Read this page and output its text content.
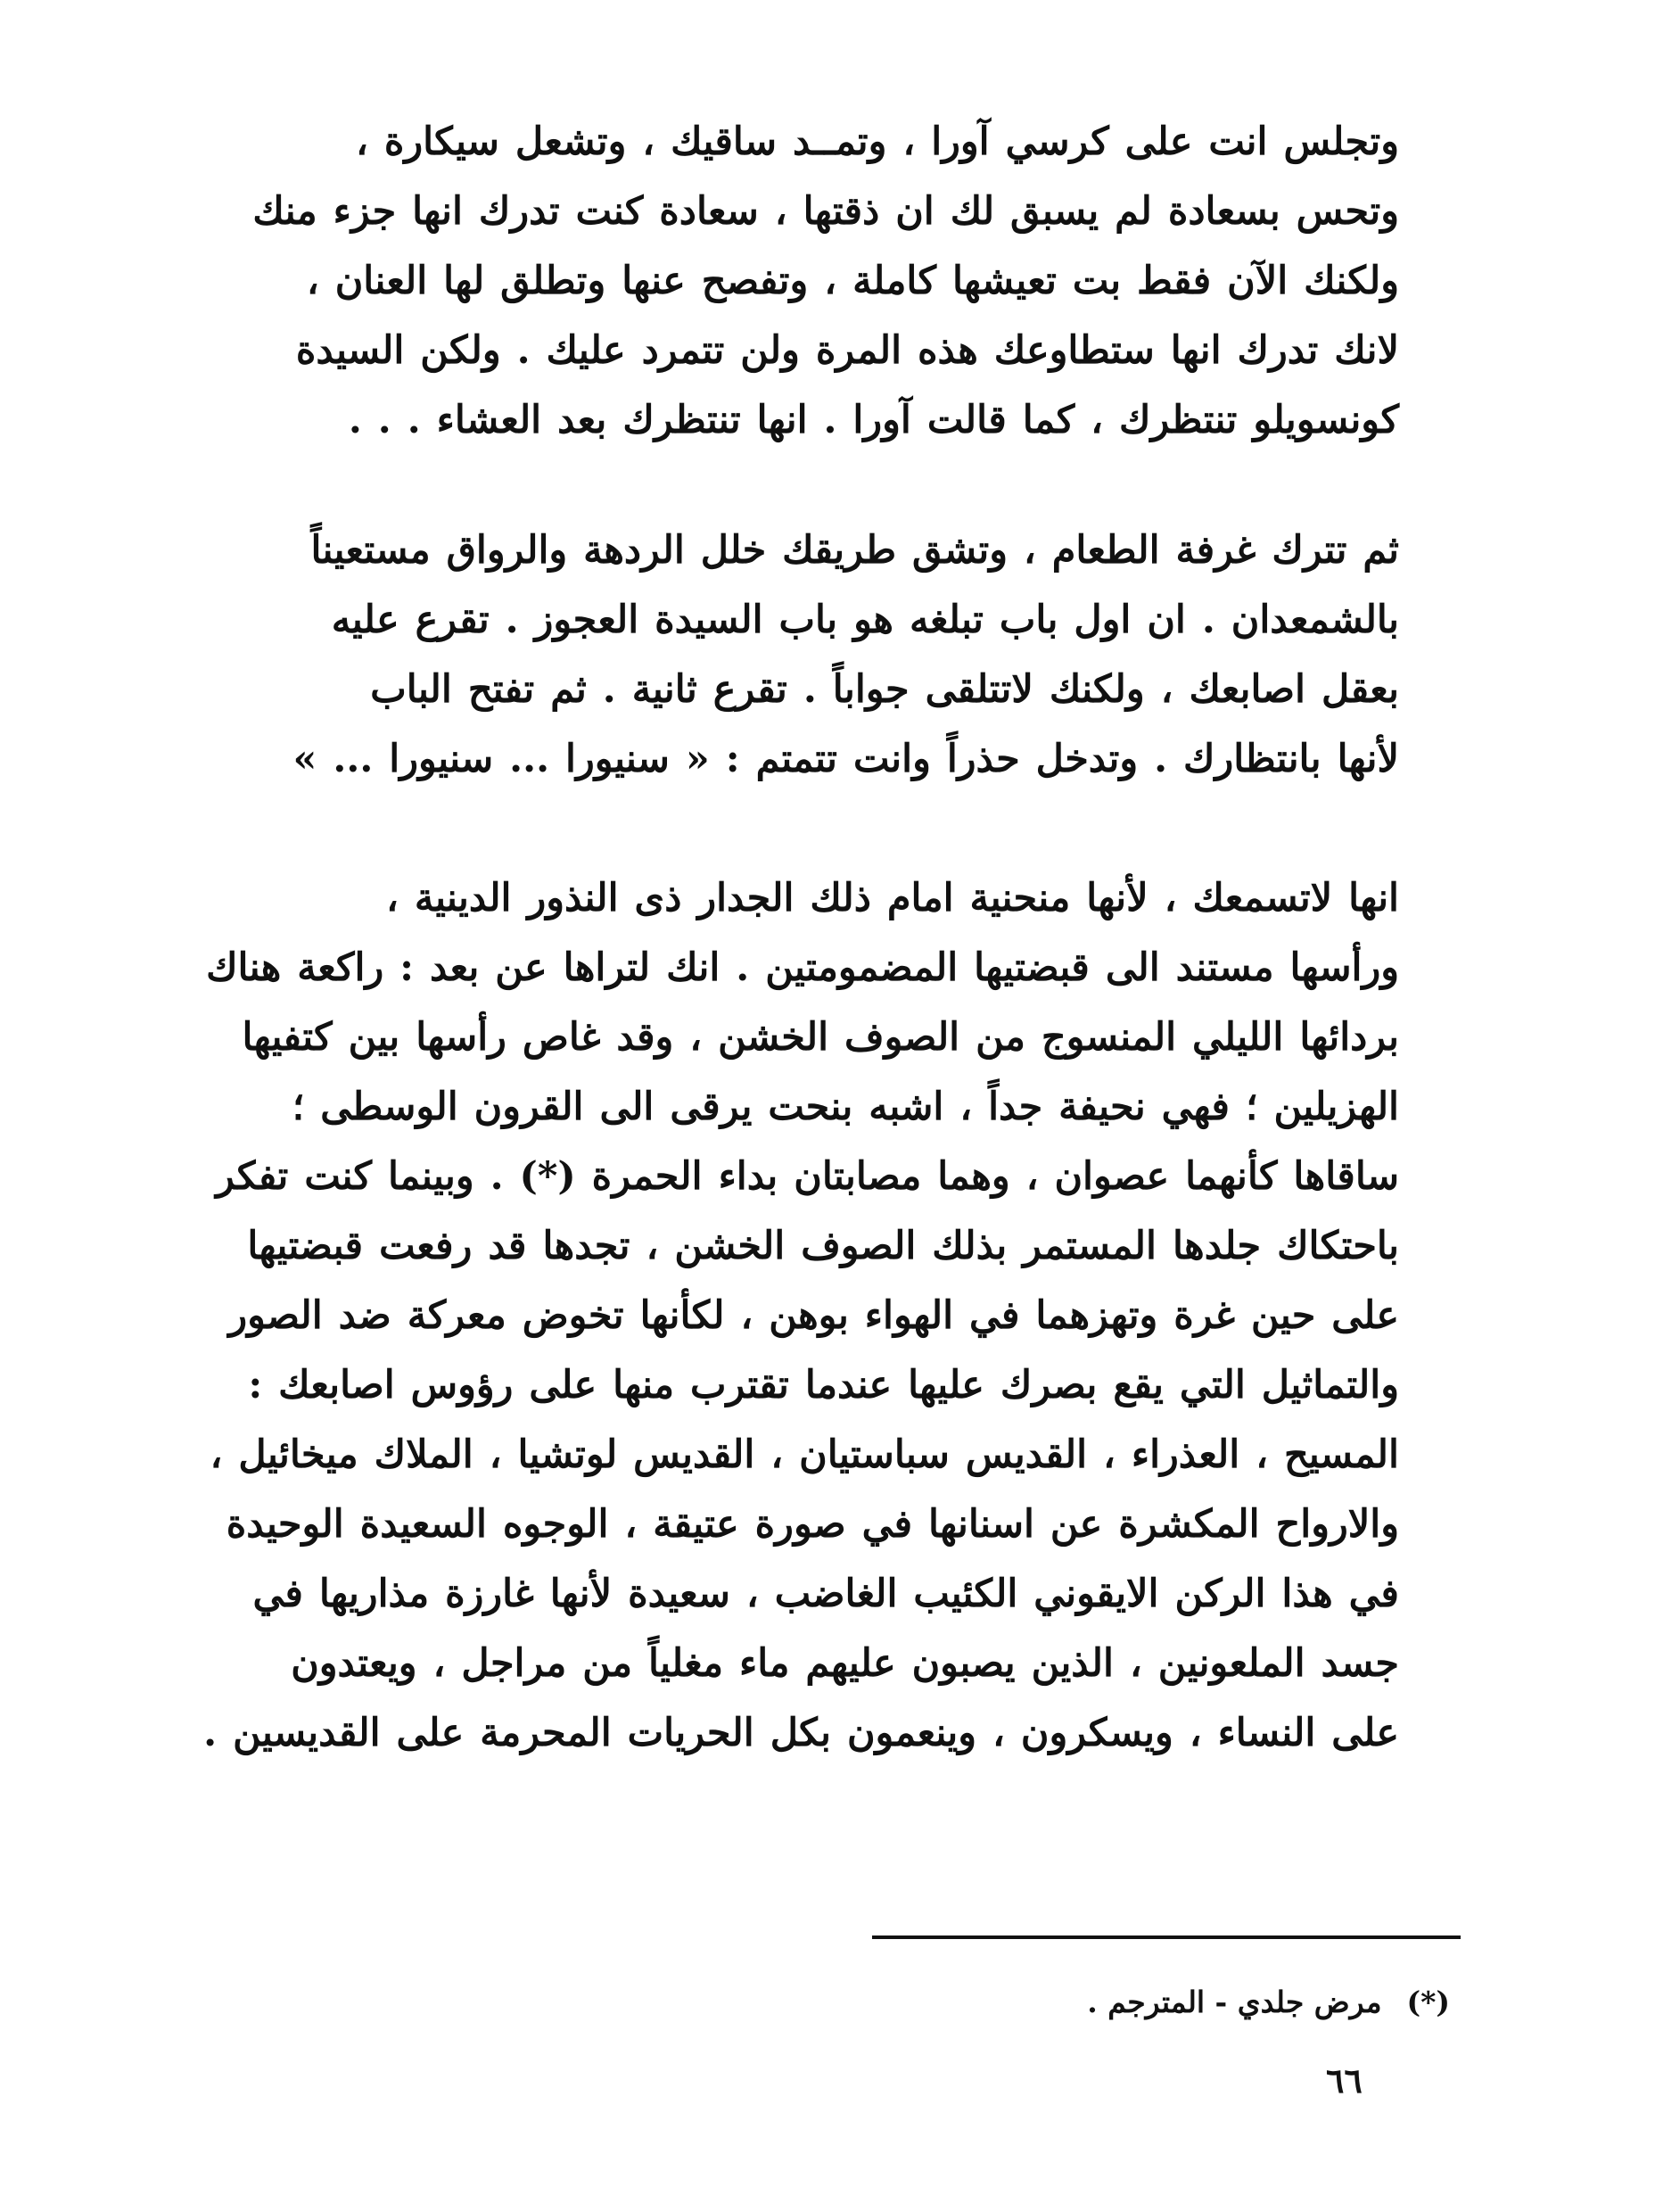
وتجلس انت على كرسي آورا ، وتمــد ساقيك ، وتشعل سيكارة ،
وتحس بسعادة لم يسبق لك ان ذقتها ، سعادة كنت تدرك انها جزء منك
ولكنك الآن فقط بت تعيشها كاملة ، وتفصح عنها وتطلق لها العنان ،
لانك تدرك انها ستطاوعك هذه المرة ولن تتمرد عليك . ولكن السيدة
كونسويلو تنتظرك ، كما قالت آورا . انها تنتظرك بعد العشاء . . .
ثم تترك غرفة الطعام ، وتشق طريقك خلل الردهة والرواق مستعيناً
بالشمعدان . ان اول باب تبلغه هو باب السيدة العجوز . تقرع عليه
بعقل اصابعك ، ولكنك لاتتلقى جواباً . تقرع ثانية . ثم تفتح الباب
لأنها بانتظارك . وتدخل حذراً وانت تتمتم : « سنيورا ... سنيورا ... »
انها لاتسمعك ، لأنها منحنية امام ذلك الجدار ذى النذور الدينية ،
ورأسها مستند الى قبضتيها المضمومتين . انك لتراها عن بعد : راكعة هناك
بردائها الليلي المنسوج من الصوف الخشن ، وقد غاص رأسها بين كتفيها
الهزيلين ؛ فهي نحيفة جداً ، اشبه بنحت يرقى الى القرون الوسطى ؛
ساقاها كأنهما عصوان ، وهما مصابتان بداء الحمرة (*) . وبينما كنت تفكر
باحتكاك جلدها المستمر بذلك الصوف الخشن ، تجدها قد رفعت قبضتيها
على حين غرة وتهزهما في الهواء بوهن ، لكأنها تخوض معركة ضد الصور
والتماثيل التي يقع بصرك عليها عندما تقترب منها على رؤوس اصابعك :
المسيح ، العذراء ، القديس سباستيان ، القديس لوتشيا ، الملاك ميخائيل ،
والارواح المكشرة عن اسنانها في صورة عتيقة ، الوجوه السعيدة الوحيدة
في هذا الركن الايقوني الكئيب الغاضب ، سعيدة لأنها غارزة مذاريها في
جسد الملعونين ، الذين يصبون عليهم ماء مغلياً من مراجل ، ويعتدون
على النساء ، ويسكرون ، وينعمون بكل الحريات المحرمة على القديسين .
(*)مرض جلدي - المترجم .
٦٦
